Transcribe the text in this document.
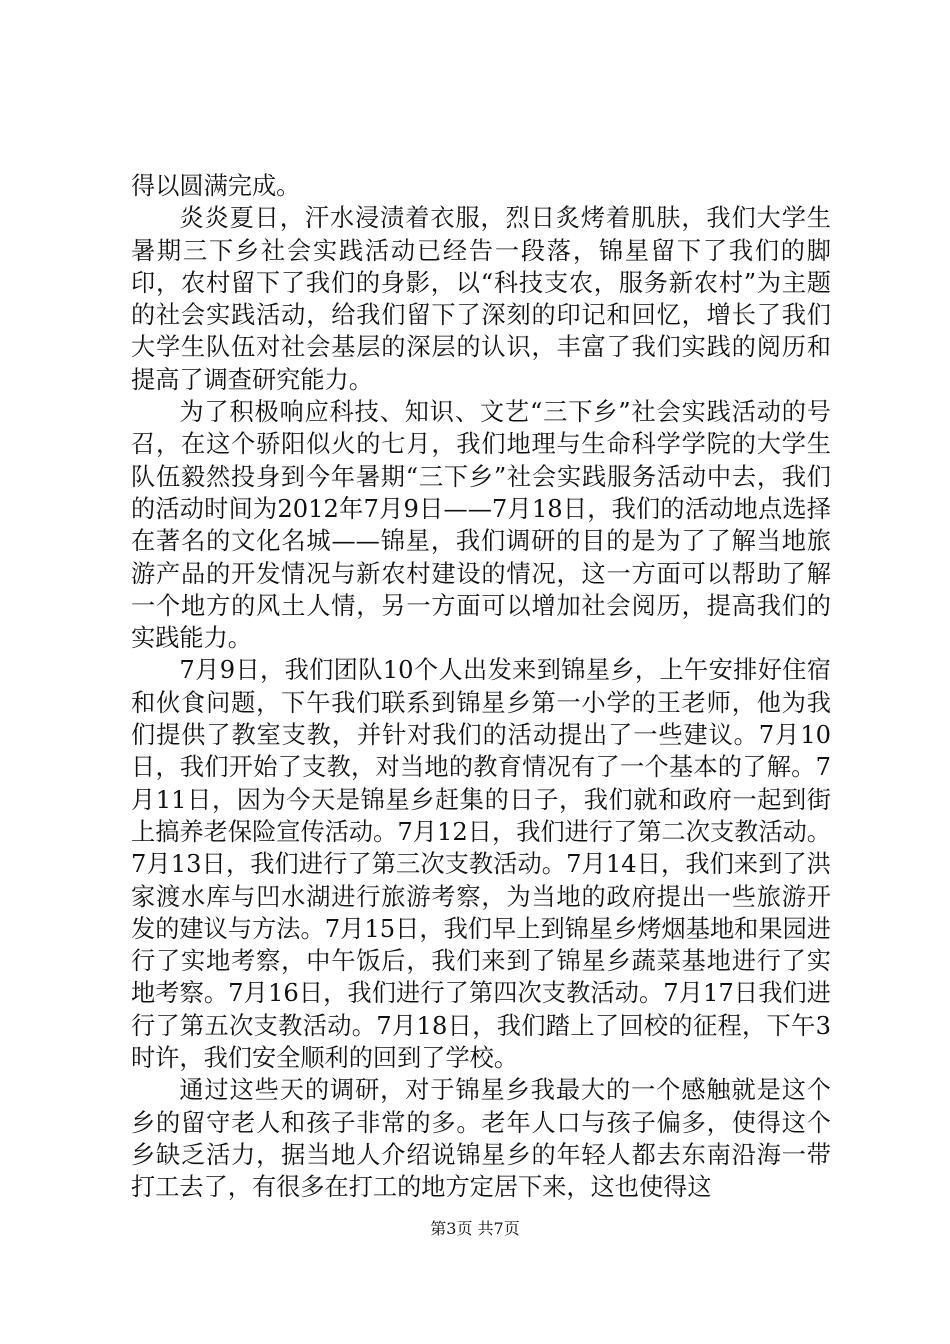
得以圆满完成。

炎炎夏日，汗水浸渍着衣服，烈日炙烤着肌肤，我们大学生暑期三下乡社会实践活动已经告一段落，锦星留下了我们的脚印，农村留下了我们的身影，以“科技支农，服务新农村”为主题的社会实践活动，给我们留下了深刻的印记和回忆，增长了我们大学生队伍对社会基层的深层的认识，丰富了我们实践的阅历和提高了调查研究能力。

为了积极响应科技、知识、文艺“三下乡”社会实践活动的号召，在这个骄阳似火的七月，我们地理与生命科学学院的大学生队伍毅然投身到今年暑期“三下乡”社会实践服务活动中去，我们的活动时间为2012年7月9日——7月18日，我们的活动地点选择在著名的文化名城——锦星，我们调研的目的是为了了解当地旅游产品的开发情况与新农村建设的情况，这一方面可以帮助了解一个地方的风土人情，另一方面可以增加社会阅历，提高我们的实践能力。

7月9日，我们团队10个人出发来到锦星乡，上午安排好住宿和伙食问题，下午我们联系到锦星乡第一小学的王老师，他为我们提供了教室支教，并针对我们的活动提出了一些建议。7月10日，我们开始了支教，对当地的教育情况有了一个基本的了解。7月11日，因为今天是锦星乡赶集的日子，我们就和政府一起到街上搞养老保险宣传活动。7月12日，我们进行了第二次支教活动。7月13日，我们进行了第三次支教活动。7月14日，我们来到了洪家渡水库与凹水湖进行旅游考察，为当地的政府提出一些旅游开发的建议与方法。7月15日，我们早上到锦星乡烤烟基地和果园进行了实地考察，中午饭后，我们来到了锦星乡蔬菜基地进行了实地考察。7月16日，我们进行了第四次支教活动。7月17日我们进行了第五次支教活动。7月18日，我们踏上了回校的征程，下午3时许，我们安全顺利的回到了学校。

通过这些天的调研，对于锦星乡我最大的一个感触就是这个乡的留守老人和孩子非常的多。老年人口与孩子偏多，使得这个乡缺乏活力，据当地人介绍说锦星乡的年轻人都去东南沿海一带打工去了，有很多在打工的地方定居下来，这也使得这

第3页 共7页
